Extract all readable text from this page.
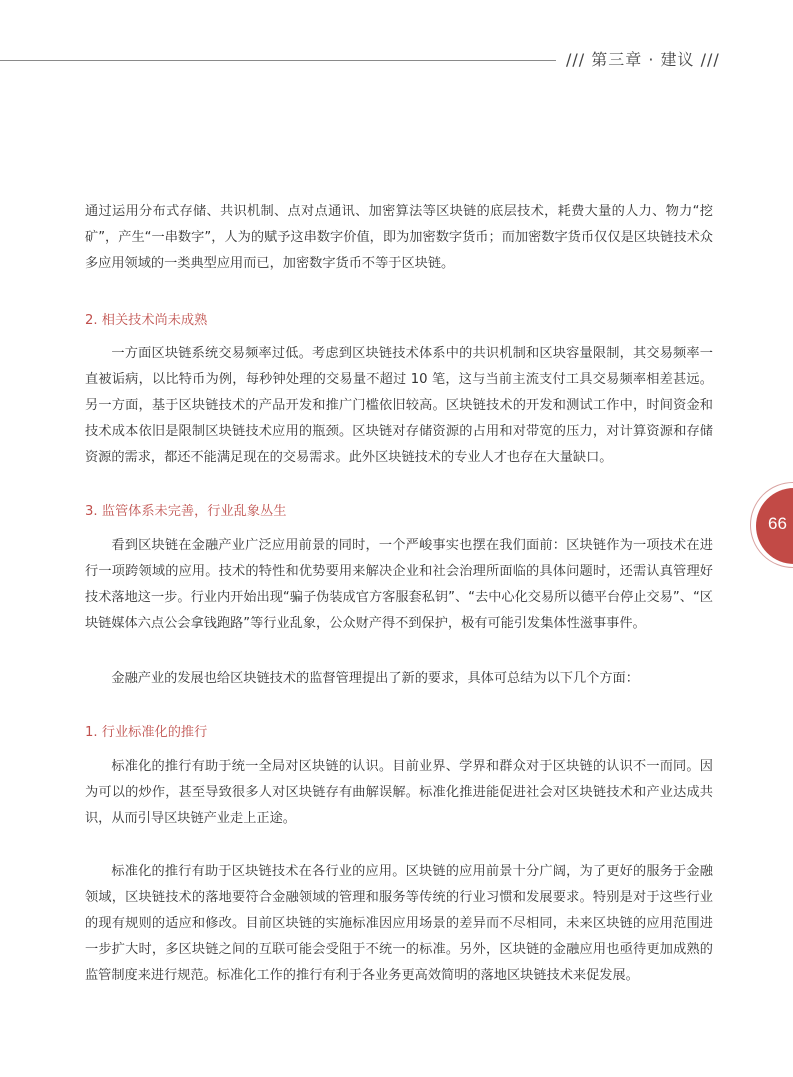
/// 第三章 · 建议 ///

通过运用分布式存储、共识机制、点对点通讯、加密算法等区块链的底层技术，耗费大量的人力、物力“挖矿”，产生“一串数字”，人为的赋予这串数字价值，即为加密数字货币；而加密数字货币仅仅是区块链技术众多应用领域的一类典型应用而已，加密数字货币不等于区块链。

2. 相关技术尚未成熟

一方面区块链系统交易频率过低。考虑到区块链技术体系中的共识机制和区块容量限制，其交易频率一直被诟病，以比特币为例，每秒钟处理的交易量不超过 10 笔，这与当前主流支付工具交易频率相差甚远。另一方面，基于区块链技术的产品开发和推广门槛依旧较高。区块链技术的开发和测试工作中，时间资金和技术成本依旧是限制区块链技术应用的瓶颈。区块链对存储资源的占用和对带宽的压力，对计算资源和存储资源的需求，都还不能满足现在的交易需求。此外区块链技术的专业人才也存在大量缺口。

3. 监管体系未完善，行业乱象丛生

看到区块链在金融产业广泛应用前景的同时，一个严峻事实也摆在我们面前：区块链作为一项技术在进行一项跨领域的应用。技术的特性和优势要用来解决企业和社会治理所面临的具体问题时，还需认真管理好技术落地这一步。行业内开始出现“骗子伪装成官方客服套私钥”、“去中心化交易所以德平台停止交易”、“区块链媒体六点公会拿钱跑路”等行业乱象，公众财产得不到保护，极有可能引发集体性滋事事件。

金融产业的发展也给区块链技术的监督管理提出了新的要求，具体可总结为以下几个方面：

1. 行业标准化的推行

标准化的推行有助于统一全局对区块链的认识。目前业界、学界和群众对于区块链的认识不一而同。因为可以的炒作，甚至导致很多人对区块链存有曲解误解。标准化推进能促进社会对区块链技术和产业达成共识，从而引导区块链产业走上正途。

标准化的推行有助于区块链技术在各行业的应用。区块链的应用前景十分广阔，为了更好的服务于金融领域，区块链技术的落地要符合金融领域的管理和服务等传统的行业习惯和发展要求。特别是对于这些行业的现有规则的适应和修改。目前区块链的实施标准因应用场景的差异而不尽相同，未来区块链的应用范围进一步扩大时，多区块链之间的互联可能会受阻于不统一的标准。另外，区块链的金融应用也亟待更加成熟的监管制度来进行规范。标准化工作的推行有利于各业务更高效简明的落地区块链技术来促发展。

66
